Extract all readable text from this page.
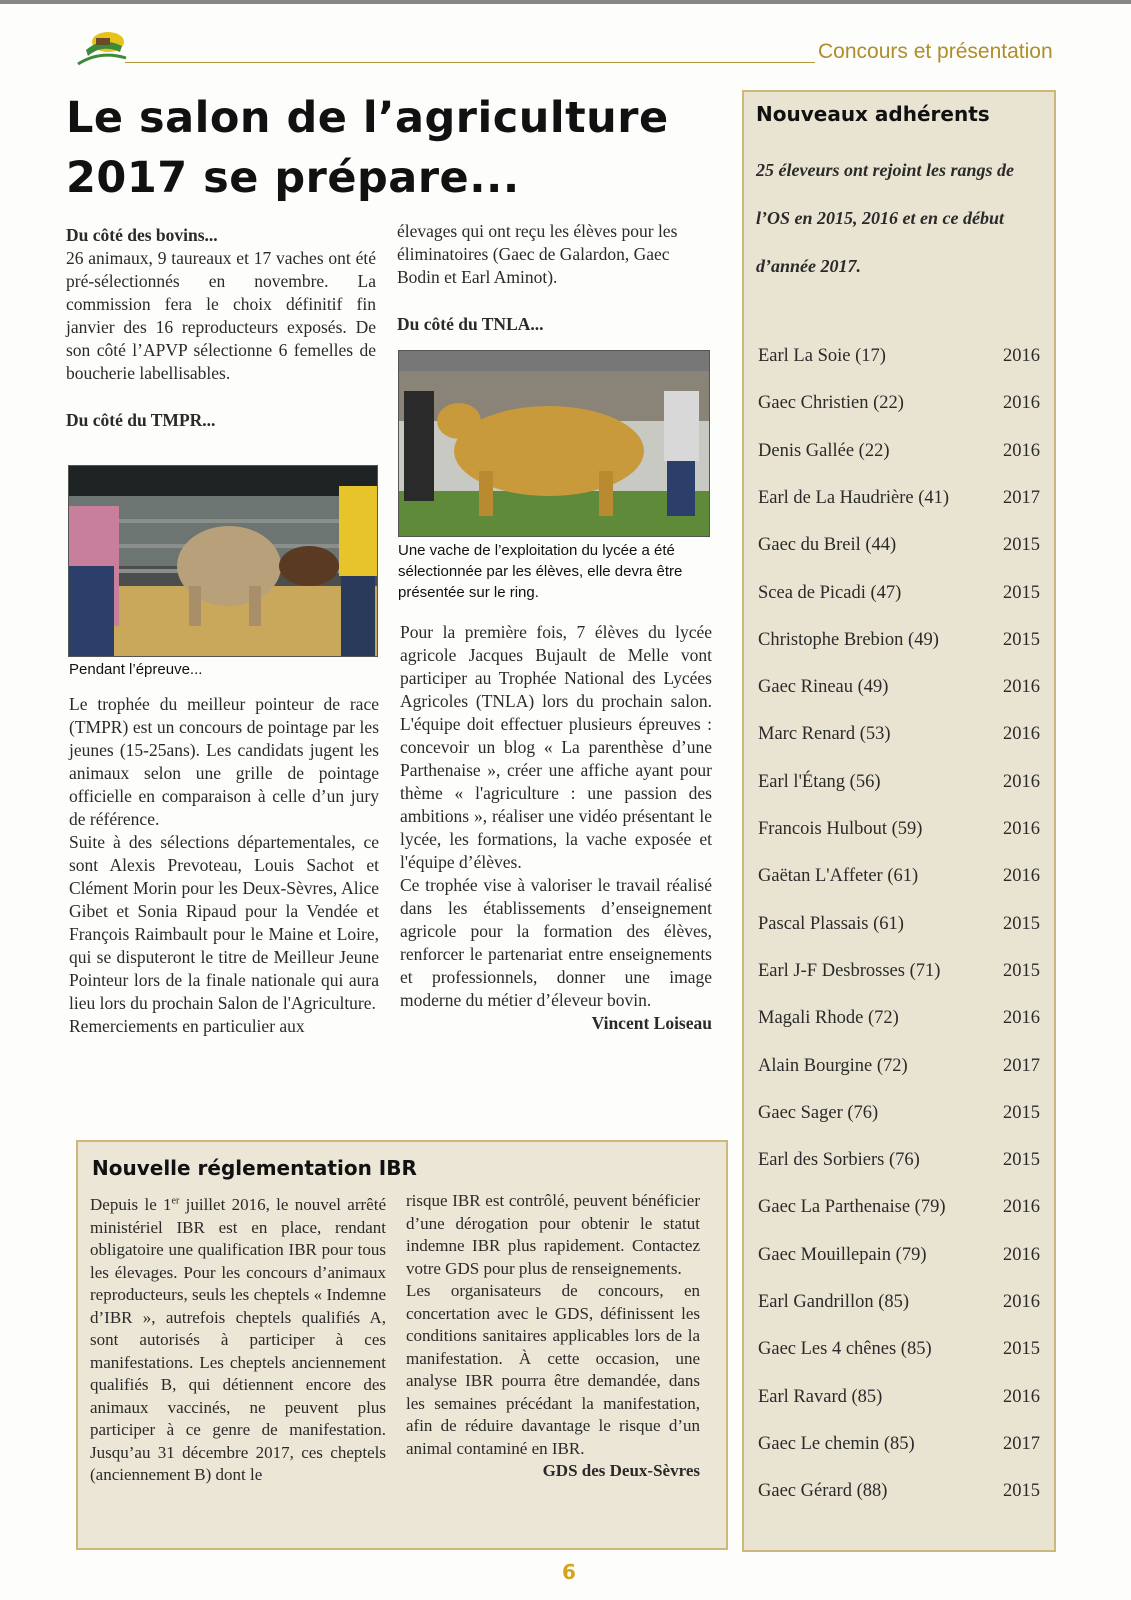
Concours et présentation
Le salon de l’agriculture
2017 se prépare...

Du côté des bovins...

26 animaux, 9 taureaux et 17 vaches ont été pré-sélectionnés en novembre. La commission fera le choix définitif fin janvier des 16 reproducteurs exposés. De son côté l’APVP sélectionne 6 femelles de boucherie labellisables.

Du côté du TMPR...

Pendant l’épreuve...

Le trophée du meilleur pointeur de race (TMPR) est un concours de pointage par les jeunes (15-25ans). Les candidats jugent les animaux selon une grille de pointage officielle en comparaison à celle d’un jury de référence.

Suite à des sélections départementales, ce sont Alexis Prevoteau, Louis Sachot et Clément Morin pour les Deux-Sèvres, Alice Gibet et Sonia Ripaud pour la Vendée et François Raimbault pour le Maine et Loire, qui se disputeront le titre de Meilleur Jeune Pointeur lors de la finale nationale qui aura lieu lors du prochain Salon de l'Agriculture.

Remerciements en particulier aux

élevages qui ont reçu les élèves pour les éliminatoires (Gaec de Galardon, Gaec Bodin et Earl Aminot).

Du côté du TNLA...

Une vache de l’exploitation du lycée a été sélectionnée par les élèves, elle devra être présentée sur le ring.

Pour la première fois, 7 élèves du lycée agricole Jacques Bujault de Melle vont participer au Trophée National des Lycées Agricoles (TNLA) lors du prochain salon. L'équipe doit effectuer plusieurs épreuves : concevoir un blog « La parenthèse d’une Parthenaise », créer une affiche ayant pour thème « l'agriculture : une passion des ambitions », réaliser une vidéo présentant le lycée, les formations, la vache exposée et l'équipe d’élèves.

Ce trophée vise à valoriser le travail réalisé dans les établissements d’enseignement agricole pour la formation des élèves, renforcer le partenariat entre enseignements et professionnels, donner une image moderne du métier d’éleveur bovin.

Vincent Loiseau

Nouvelle réglementation IBR

Depuis le 1er juillet 2016, le nouvel arrêté ministériel IBR est en place, rendant obligatoire une qualification IBR pour tous les élevages. Pour les concours d’animaux reproducteurs, seuls les cheptels « Indemne d’IBR », autrefois cheptels qualifiés A, sont autorisés à participer à ces manifestations. Les cheptels anciennement qualifiés B, qui détiennent encore des animaux vaccinés, ne peuvent plus participer à ce genre de manifestation. Jusqu’au 31 décembre 2017, ces cheptels (anciennement B) dont le

risque IBR est contrôlé, peuvent bénéficier d’une dérogation pour obtenir le statut indemne IBR plus rapidement. Contactez votre GDS pour plus de renseignements.

Les organisateurs de concours, en concertation avec le GDS, définissent les conditions sanitaires applicables lors de la manifestation. À cette occasion, une analyse IBR pourra être demandée, dans les semaines précédant la manifestation, afin de réduire davantage le risque d’un animal contaminé en IBR.

GDS des Deux-Sèvres

Nouveaux adhérents
25 éleveurs ont rejoint les rangs de l’OS en 2015, 2016 et en ce début d’année 2017.
Earl La Soie (17)	2016
Gaec Christien (22)	2016
Denis Gallée (22)	2016
Earl de La Haudrière (41)	2017
Gaec du Breil (44)	2015
Scea de Picadi (47)	2015
Christophe Brebion (49)	2015
Gaec Rineau (49)	2016
Marc Renard (53)	2016
Earl l'Étang (56)	2016
Francois Hulbout (59)	2016
Gaëtan L'Affeter (61)	2016
Pascal Plassais (61)	2015
Earl J-F Desbrosses (71)	2015
Magali Rhode (72)	2016
Alain Bourgine (72)	2017
Gaec Sager (76)	2015
Earl des Sorbiers (76)	2015
Gaec La Parthenaise (79)	2016
Gaec Mouillepain (79)	2016
Earl Gandrillon (85)	2016
Gaec Les 4 chênes (85)	2015
Earl Ravard (85)	2016
Gaec Le chemin (85)	2017
Gaec Gérard (88)	2015
6
